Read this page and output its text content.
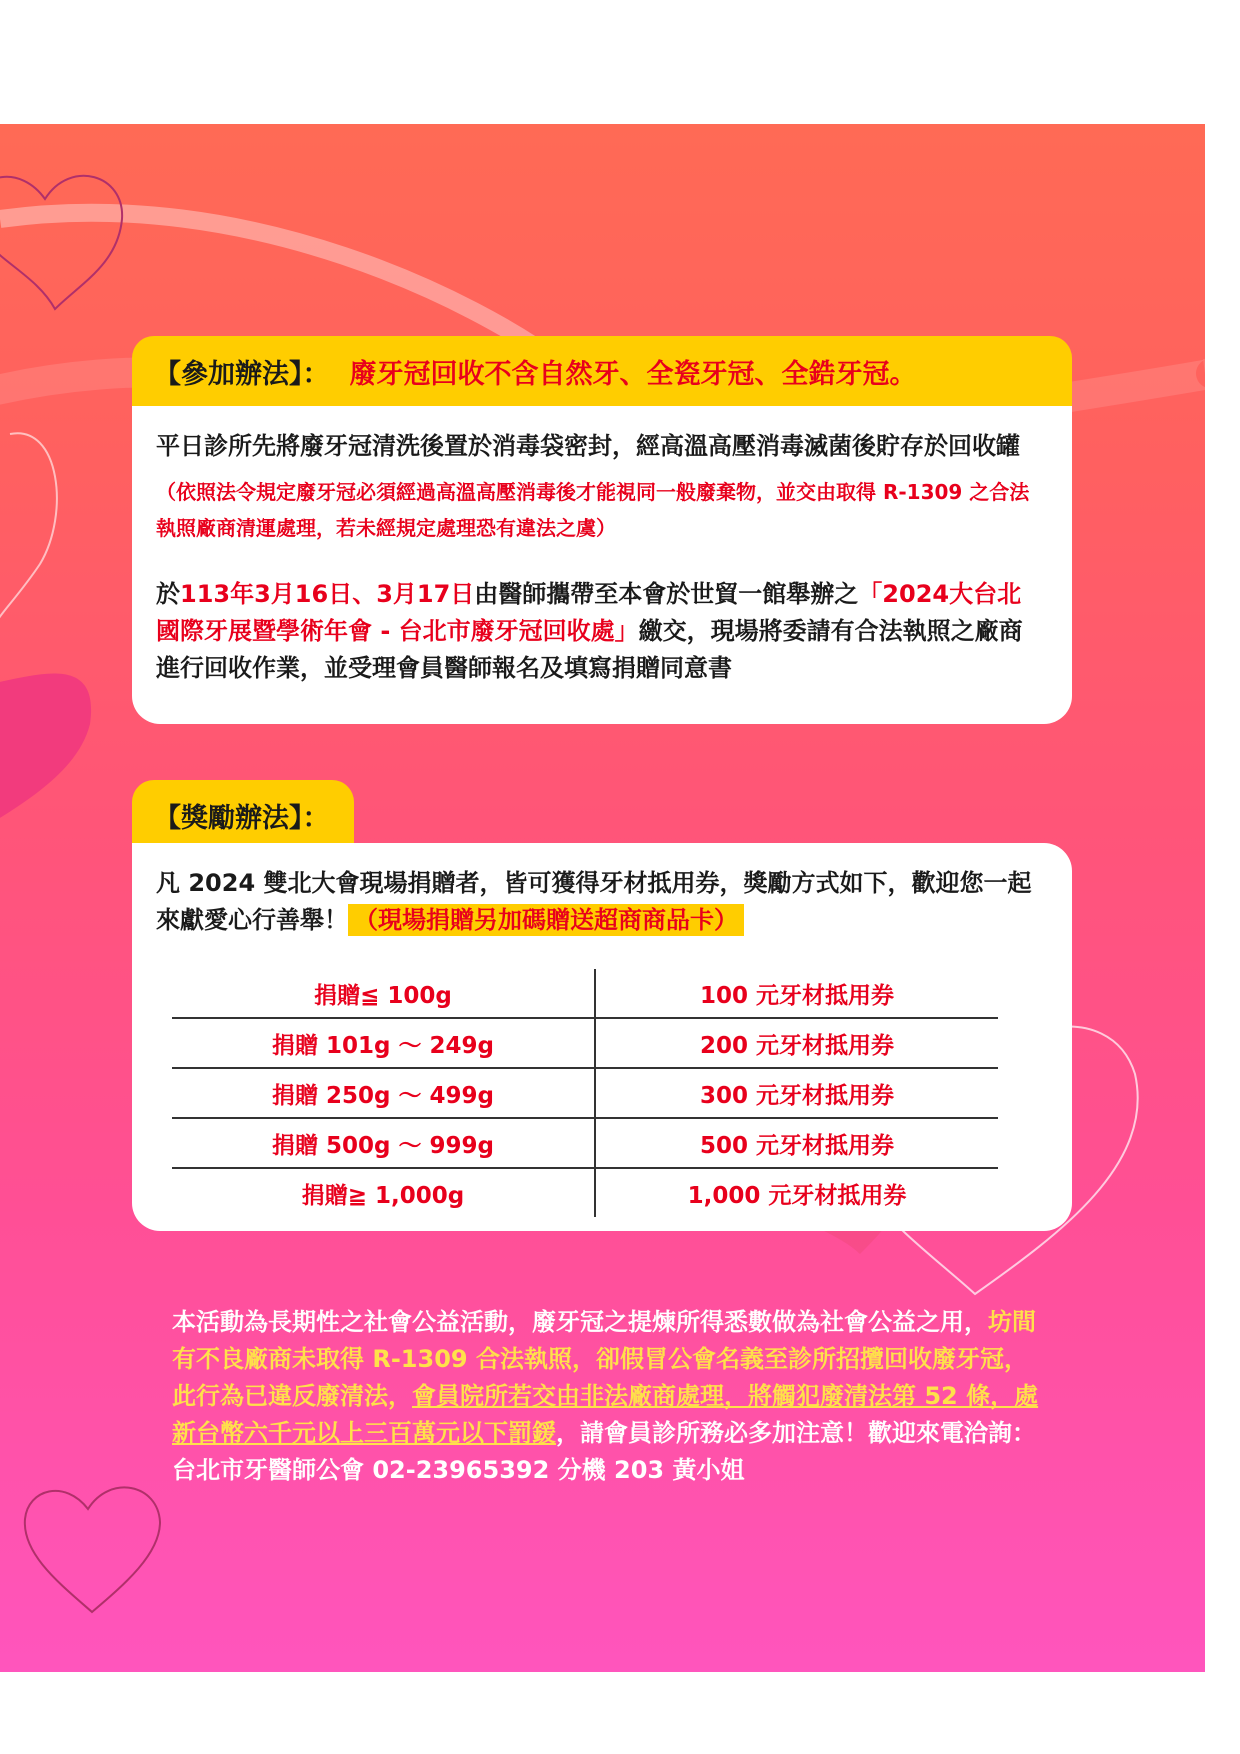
【參加辦法】： 廢牙冠回收不含自然牙、全瓷牙冠、全鋯牙冠。
平日診所先將廢牙冠清洗後置於消毒袋密封，經高溫高壓消毒滅菌後貯存於回收罐
（依照法令規定廢牙冠必須經過高溫高壓消毒後才能視同一般廢棄物，並交由取得 R-1309 之合法執照廠商清運處理，若未經規定處理恐有違法之虞）
於113年3月16日、3月17日由醫師攜帶至本會於世貿一館舉辦之「2024大台北國際牙展暨學術年會 - 台北市廢牙冠回收處」繳交，現場將委請有合法執照之廠商進行回收作業，並受理會員醫師報名及填寫捐贈同意書
【獎勵辦法】：
凡 2024 雙北大會現場捐贈者，皆可獲得牙材抵用券，獎勵方式如下，歡迎您一起來獻愛心行善舉！ （現場捐贈另加碼贈送超商商品卡）
捐贈≦ 100g	100 元牙材抵用券
捐贈 101g ～ 249g	200 元牙材抵用券
捐贈 250g ～ 499g	300 元牙材抵用券
捐贈 500g ～ 999g	500 元牙材抵用券
捐贈≧ 1,000g	1,000 元牙材抵用券
本活動為長期性之社會公益活動，廢牙冠之提煉所得悉數做為社會公益之用，坊間有不良廠商未取得 R-1309 合法執照，卻假冒公會名義至診所招攬回收廢牙冠，此行為已違反廢清法，會員院所若交由非法廠商處理，將觸犯廢清法第 52 條，處新台幣六千元以上三百萬元以下罰鍰，請會員診所務必多加注意！歡迎來電洽詢：台北市牙醫師公會 02-23965392 分機 203 黃小姐
